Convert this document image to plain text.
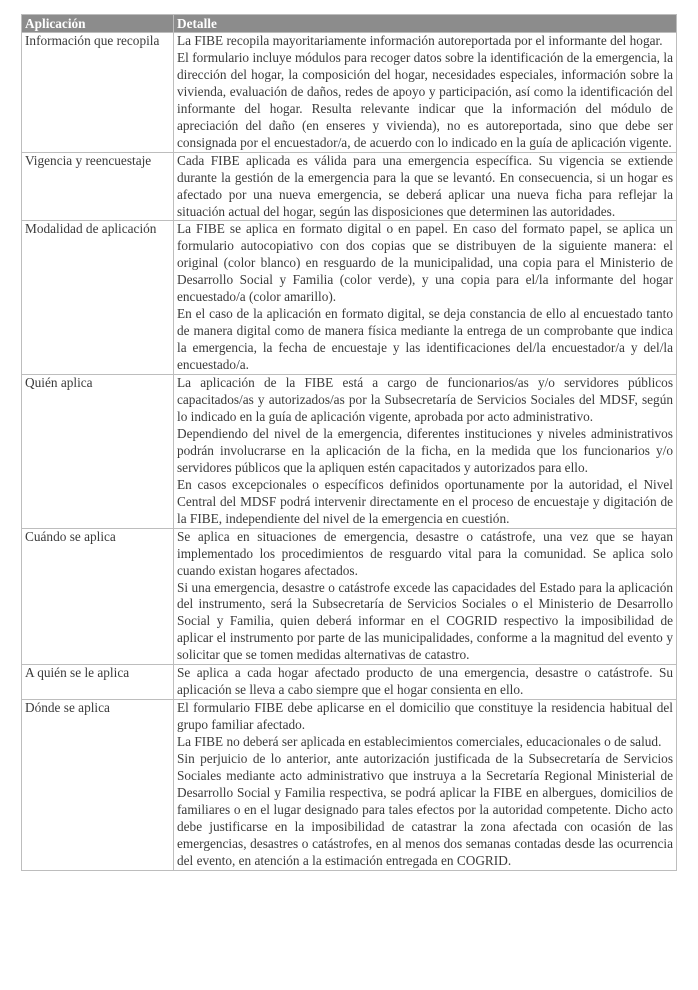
Aplicación	Detalle
Información que recopila	La FIBE recopila mayoritariamente información autoreportada por el informante del hogar.

El formulario incluye módulos para recoger datos sobre la identificación de la emergencia, la dirección del hogar, la composición del hogar, necesidades especiales, información sobre la vivienda, evaluación de daños, redes de apoyo y participación, así como la identificación del informante del hogar. Resulta relevante indicar que la información del módulo de apreciación del daño (en enseres y vivienda), no es autoreportada, sino que debe ser consignada por el encuestador/a, de acuerdo con lo indicado en la guía de aplicación vigente.

Vigencia y reencuestaje	Cada FIBE aplicada es válida para una emergencia específica. Su vigencia se extiende durante la gestión de la emergencia para la que se levantó. En consecuencia, si un hogar es afectado por una nueva emergencia, se deberá aplicar una nueva ficha para reflejar la situación actual del hogar, según las disposiciones que determinen las autoridades.

Modalidad de aplicación	La FIBE se aplica en formato digital o en papel. En caso del formato papel, se aplica un formulario autocopiativo con dos copias que se distribuyen de la siguiente manera: el original (color blanco) en resguardo de la municipalidad, una copia para el Ministerio de Desarrollo Social y Familia (color verde), y una copia para el/la informante del hogar encuestado/a (color amarillo).

En el caso de la aplicación en formato digital, se deja constancia de ello al encuestado tanto de manera digital como de manera física mediante la entrega de un comprobante que indica la emergencia, la fecha de encuestaje y las identificaciones del/la encuestador/a y del/la encuestado/a.

Quién aplica	La aplicación de la FIBE está a cargo de funcionarios/as y/o servidores públicos capacitados/as y autorizados/as por la Subsecretaría de Servicios Sociales del MDSF, según lo indicado en la guía de aplicación vigente, aprobada por acto administrativo.

Dependiendo del nivel de la emergencia, diferentes instituciones y niveles administrativos podrán involucrarse en la aplicación de la ficha, en la medida que los funcionarios y/o servidores públicos que la apliquen estén capacitados y autorizados para ello.

En casos excepcionales o específicos definidos oportunamente por la autoridad, el Nivel Central del MDSF podrá intervenir directamente en el proceso de encuestaje y digitación de la FIBE, independiente del nivel de la emergencia en cuestión.

Cuándo se aplica	Se aplica en situaciones de emergencia, desastre o catástrofe, una vez que se hayan implementado los procedimientos de resguardo vital para la comunidad. Se aplica solo cuando existan hogares afectados.

Si una emergencia, desastre o catástrofe excede las capacidades del Estado para la aplicación del instrumento, será la Subsecretaría de Servicios Sociales o el Ministerio de Desarrollo Social y Familia, quien deberá informar en el COGRID respectivo la imposibilidad de aplicar el instrumento por parte de las municipalidades, conforme a la magnitud del evento y solicitar que se tomen medidas alternativas de catastro.

A quién se le aplica	Se aplica a cada hogar afectado producto de una emergencia, desastre o catástrofe. Su aplicación se lleva a cabo siempre que el hogar consienta en ello.

Dónde se aplica	El formulario FIBE debe aplicarse en el domicilio que constituye la residencia habitual del grupo familiar afectado.

La FIBE no deberá ser aplicada en establecimientos comerciales, educacionales o de salud.

Sin perjuicio de lo anterior, ante autorización justificada de la Subsecretaría de Servicios Sociales mediante acto administrativo que instruya a la Secretaría Regional Ministerial de Desarrollo Social y Familia respectiva, se podrá aplicar la FIBE en albergues, domicilios de familiares o en el lugar designado para tales efectos por la autoridad competente. Dicho acto debe justificarse en la imposibilidad de catastrar la zona afectada con ocasión de las emergencias, desastres o catástrofes, en al menos dos semanas contadas desde las ocurrencia del evento, en atención a la estimación entregada en COGRID.
